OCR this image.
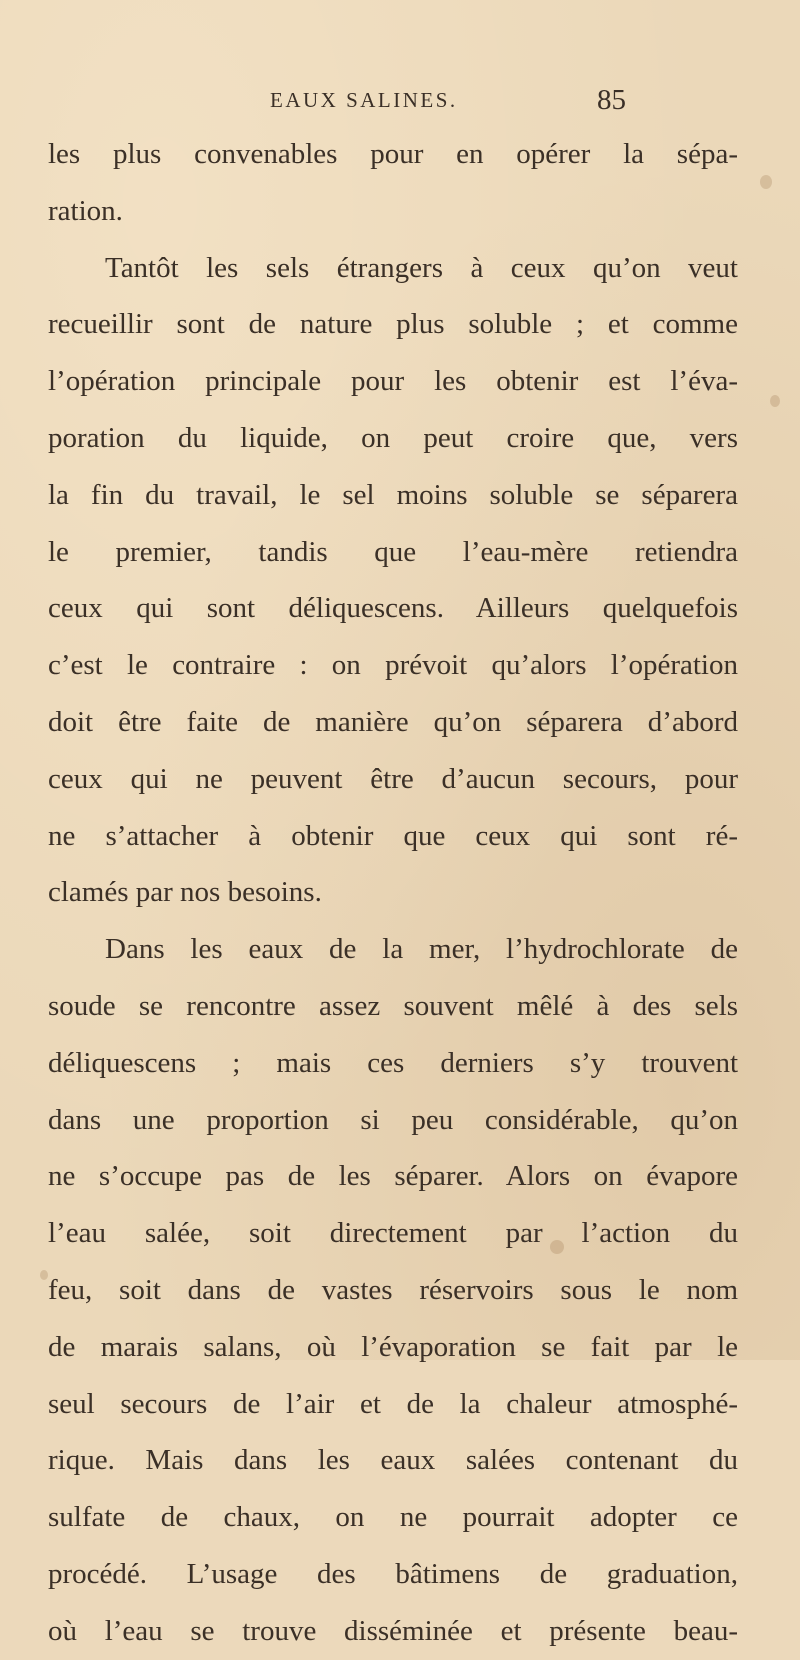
EAUX SALINES.	85
les plus convenables pour en opérer la sépa-
ration.
Tantôt les sels étrangers à ceux qu’on veut
recueillir sont de nature plus soluble ; et comme
l’opération principale pour les obtenir est l’éva-
poration du liquide, on peut croire que, vers
la fin du travail, le sel moins soluble se séparera
le premier, tandis que l’eau-mère retiendra
ceux qui sont déliquescens. Ailleurs quelquefois
c’est le contraire : on prévoit qu’alors l’opération
doit être faite de manière qu’on séparera d’abord
ceux qui ne peuvent être d’aucun secours, pour
ne s’attacher à obtenir que ceux qui sont ré-
clamés par nos besoins.
Dans les eaux de la mer, l’hydrochlorate de
soude se rencontre assez souvent mêlé à des sels
déliquescens ; mais ces derniers s’y trouvent
dans une proportion si peu considérable, qu’on
ne s’occupe pas de les séparer. Alors on évapore
l’eau salée, soit directement par l’action du
feu, soit dans de vastes réservoirs sous le nom
de marais salans, où l’évaporation se fait par le
seul secours de l’air et de la chaleur atmosphé-
rique. Mais dans les eaux salées contenant du
sulfate de chaux, on ne pourrait adopter ce
procédé. L’usage des bâtimens de graduation,
où l’eau se trouve disséminée et présente beau-
